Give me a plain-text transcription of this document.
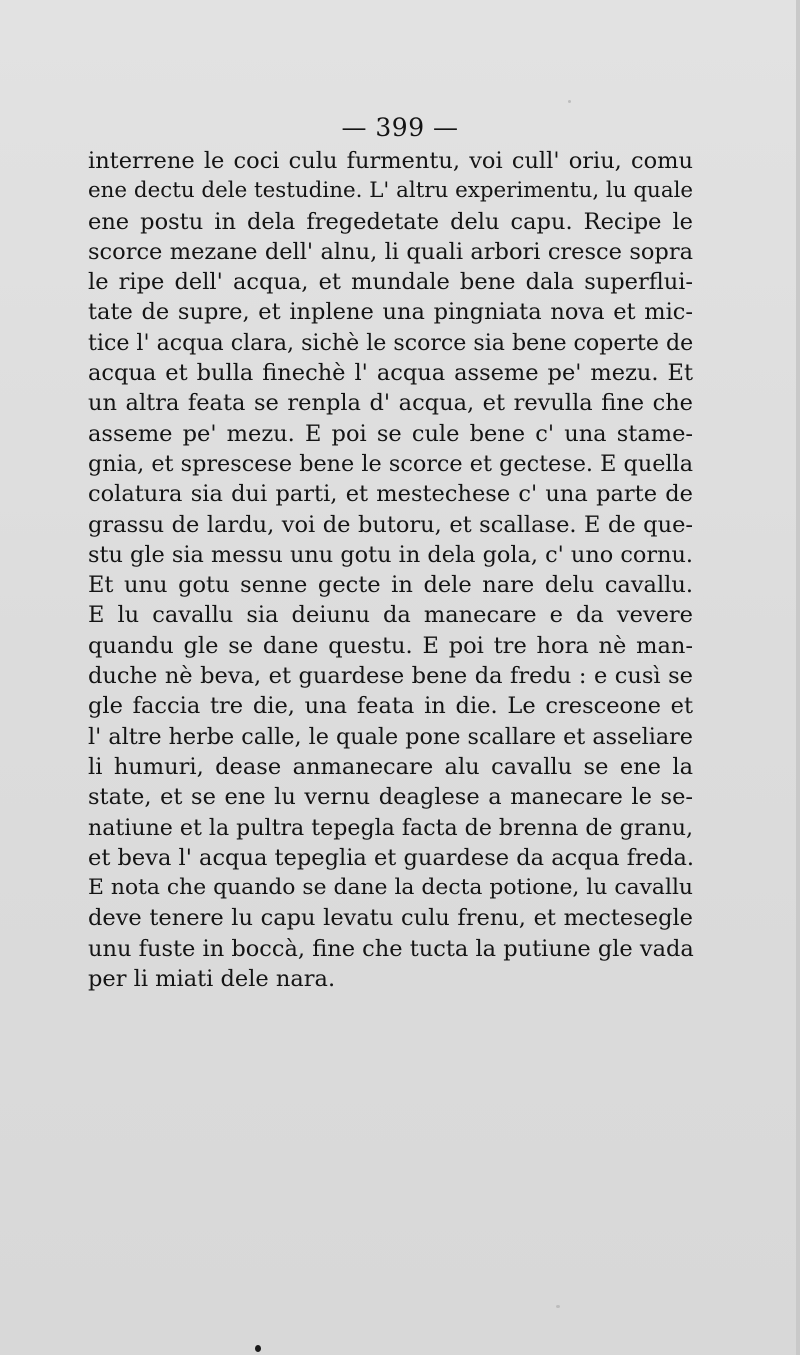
— 399 —
interrene le coci culu furmentu, voi cull' oriu, comu
ene dectu dele testudine. L' altru experimentu, lu quale
ene postu in dela fregedetate delu capu. Recipe le
scorce mezane dell' alnu, li quali arbori cresce sopra
le ripe dell' acqua, et mundale bene dala superflui-
tate de supre, et inplene una pingniata nova et mic-
tice l' acqua clara, sichè le scorce sia bene coperte de
acqua et bulla finechè l' acqua asseme pe' mezu. Et
un altra feata se renpla d' acqua, et revulla fine che
asseme pe' mezu. E poi se cule bene c' una stame-
gnia, et sprescese bene le scorce et gectese. E quella
colatura sia dui parti, et mestechese c' una parte de
grassu de lardu, voi de butoru, et scallase. E de que-
stu gle sia messu unu gotu in dela gola, c' uno cornu.
Et unu gotu senne gecte in dele nare delu cavallu.
E lu cavallu sia deiunu da manecare e da vevere
quandu gle se dane questu. E poi tre hora nè man-
duche nè beva, et guardese bene da fredu : e cusì se
gle faccia tre die, una feata in die. Le cresceone et
l' altre herbe calle, le quale pone scallare et asseliare
li humuri, dease anmanecare alu cavallu se ene la
state, et se ene lu vernu deaglese a manecare le se-
natiune et la pultra tepegla facta de brenna de granu,
et beva l' acqua tepeglia et guardese da acqua freda.
E nota che quando se dane la decta potione, lu cavallu
deve tenere lu capu levatu culu frenu, et mectesegle
unu fuste in boccà, fine che tucta la putiune gle vada
per li miati dele nara.
